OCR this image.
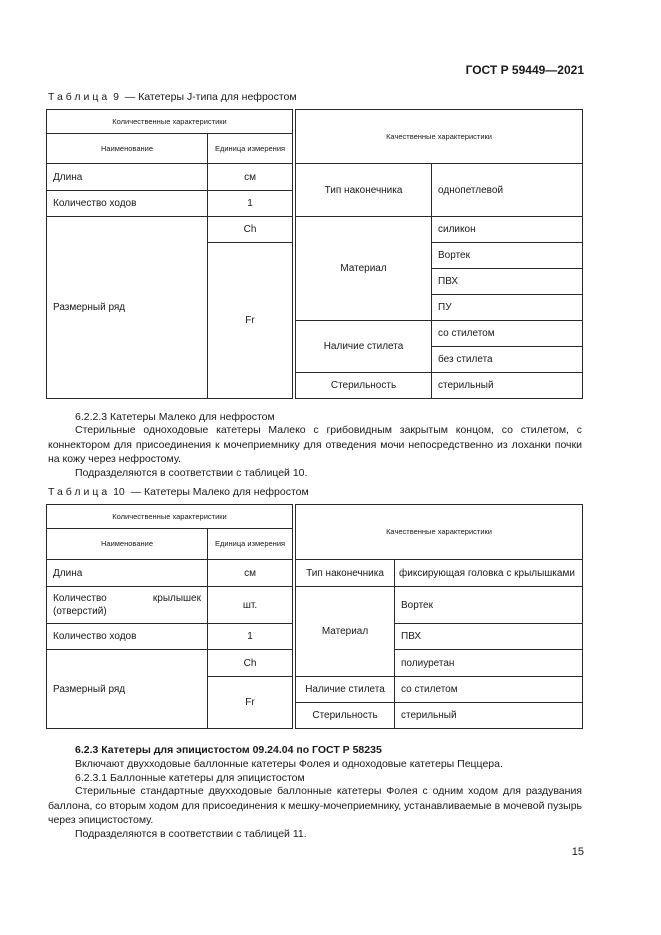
ГОСТ Р 59449—2021
Таблица 9 — Катетеры J-типа для нефростом
Количественные характеристики			Качественные характеристики	
Наименование	Единица измерения			
Длина	см		Тип наконечника	однопетлевой
Количество ходов	1			
Размерный ряд	Ch		Материал	силикон
	Fr			Вортек
				ПВХ
				ПУ
			Наличие стилета	со стилетом
				без стилета
			Стерильность	стерильный

6.2.2.3 Катетеры Малеко для нефростом

Стерильные одноходовые катетеры Малеко с грибовидным закрытым концом, со стилетом, с коннектором для присоединения к мочеприемнику для отведения мочи непосредственно из лоханки почки на кожу через нефростому.

Подразделяются в соответствии с таблицей 10.

Таблица 10 — Катетеры Малеко для нефростом
Количественные характеристики			Качественные характеристики	
Наименование	Единица измерения			
Длина	см		Тип наконечника	фиксирующая головка с крылышками
Количество крылышек (отверстий)	шт.		Материал	Вортек
Количество ходов	1			ПВХ
Размерный ряд	Ch			полиуретан
	Fr		Наличие стилета	со стилетом
			Стерильность	стерильный

6.2.3 Катетеры для эпицистостом 09.24.04 по ГОСТ Р 58235

Включают двухходовые баллонные катетеры Фолея и одноходовые катетеры Пеццера.

6.2.3.1 Баллонные катетеры для эпицистостом

Стерильные стандартные двухходовые баллонные катетеры Фолея с одним ходом для раздувания баллона, со вторым ходом для присоединения к мешку-мочеприемнику, устанавливаемые в мочевой пузырь через эпицистостому.

Подразделяются в соответствии с таблицей 11.

15
